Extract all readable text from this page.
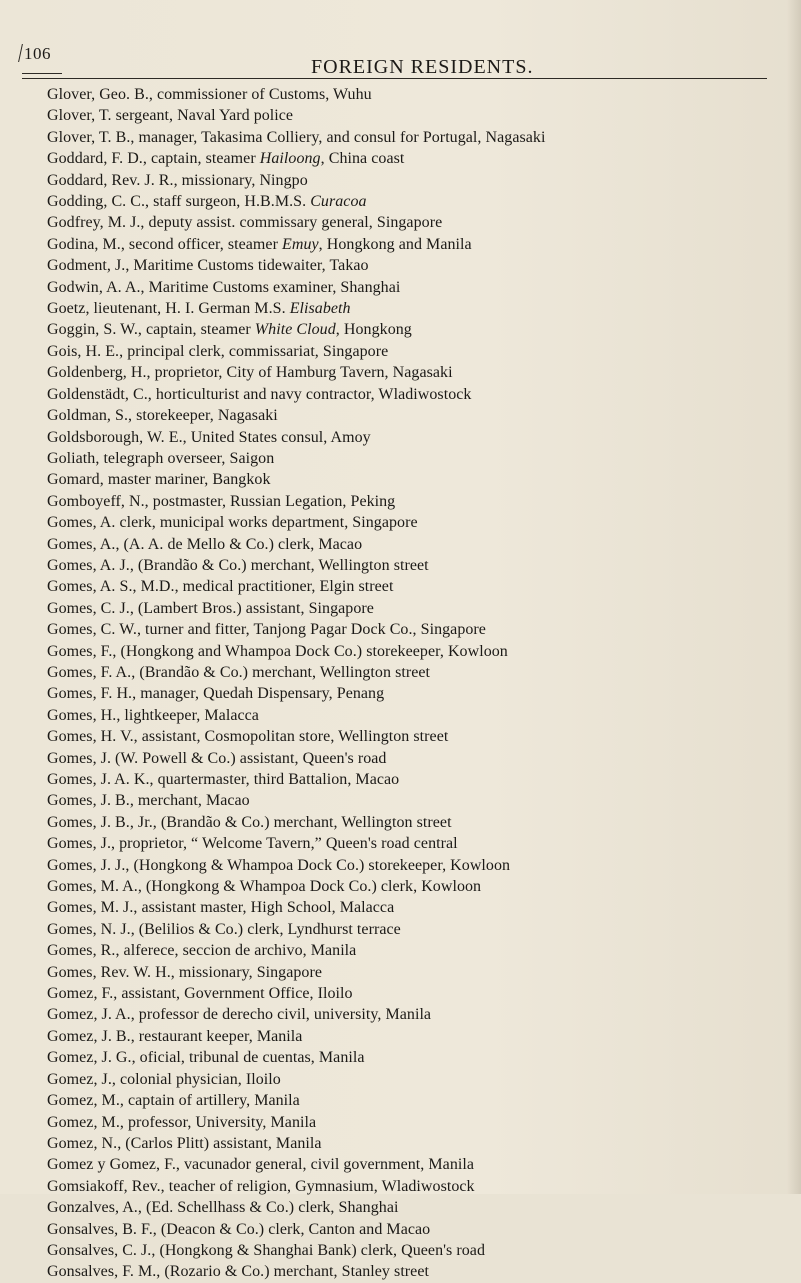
106
FOREIGN RESIDENTS.
Glover, Geo. B., commissioner of Customs, Wuhu
Glover, T. sergeant, Naval Yard police
Glover, T. B., manager, Takasima Colliery, and consul for Portugal, Nagasaki
Goddard, F. D., captain, steamer Hailoong, China coast
Goddard, Rev. J. R., missionary, Ningpo
Godding, C. C., staff surgeon, H.B.M.S. Curacoa
Godfrey, M. J., deputy assist. commissary general, Singapore
Godina, M., second officer, steamer Emuy, Hongkong and Manila
Godment, J., Maritime Customs tidewaiter, Takao
Godwin, A. A., Maritime Customs examiner, Shanghai
Goetz, lieutenant, H. I. German M.S. Elisabeth
Goggin, S. W., captain, steamer White Cloud, Hongkong
Gois, H. E., principal clerk, commissariat, Singapore
Goldenberg, H., proprietor, City of Hamburg Tavern, Nagasaki
Goldenstädt, C., horticulturist and navy contractor, Wladiwostock
Goldman, S., storekeeper, Nagasaki
Goldsborough, W. E., United States consul, Amoy
Goliath, telegraph overseer, Saigon
Gomard, master mariner, Bangkok
Gomboyeff, N., postmaster, Russian Legation, Peking
Gomes, A. clerk, municipal works department, Singapore
Gomes, A., (A. A. de Mello & Co.) clerk, Macao
Gomes, A. J., (Brandão & Co.) merchant, Wellington street
Gomes, A. S., M.D., medical practitioner, Elgin street
Gomes, C. J., (Lambert Bros.) assistant, Singapore
Gomes, C. W., turner and fitter, Tanjong Pagar Dock Co., Singapore
Gomes, F., (Hongkong and Whampoa Dock Co.) storekeeper, Kowloon
Gomes, F. A., (Brandão & Co.) merchant, Wellington street
Gomes, F. H., manager, Quedah Dispensary, Penang
Gomes, H., lightkeeper, Malacca
Gomes, H. V., assistant, Cosmopolitan store, Wellington street
Gomes, J. (W. Powell & Co.) assistant, Queen's road
Gomes, J. A. K., quartermaster, third Battalion, Macao
Gomes, J. B., merchant, Macao
Gomes, J. B., Jr., (Brandão & Co.) merchant, Wellington street
Gomes, J., proprietor, “ Welcome Tavern,” Queen's road central
Gomes, J. J., (Hongkong & Whampoa Dock Co.) storekeeper, Kowloon
Gomes, M. A., (Hongkong & Whampoa Dock Co.) clerk, Kowloon
Gomes, M. J., assistant master, High School, Malacca
Gomes, N. J., (Belilios & Co.) clerk, Lyndhurst terrace
Gomes, R., alferece, seccion de archivo, Manila
Gomes, Rev. W. H., missionary, Singapore
Gomez, F., assistant, Government Office, Iloilo
Gomez, J. A., professor de derecho civil, university, Manila
Gomez, J. B., restaurant keeper, Manila
Gomez, J. G., oficial, tribunal de cuentas, Manila
Gomez, J., colonial physician, Iloilo
Gomez, M., captain of artillery, Manila
Gomez, M., professor, University, Manila
Gomez, N., (Carlos Plitt) assistant, Manila
Gomez y Gomez, F., vacunador general, civil government, Manila
Gomsiakoff, Rev., teacher of religion, Gymnasium, Wladiwostock
Gonzalves, A., (Ed. Schellhass & Co.) clerk, Shanghai
Gonsalves, B. F., (Deacon & Co.) clerk, Canton and Macao
Gonsalves, C. J., (Hongkong & Shanghai Bank) clerk, Queen's road
Gonsalves, F. M., (Rozario & Co.) merchant, Stanley street
